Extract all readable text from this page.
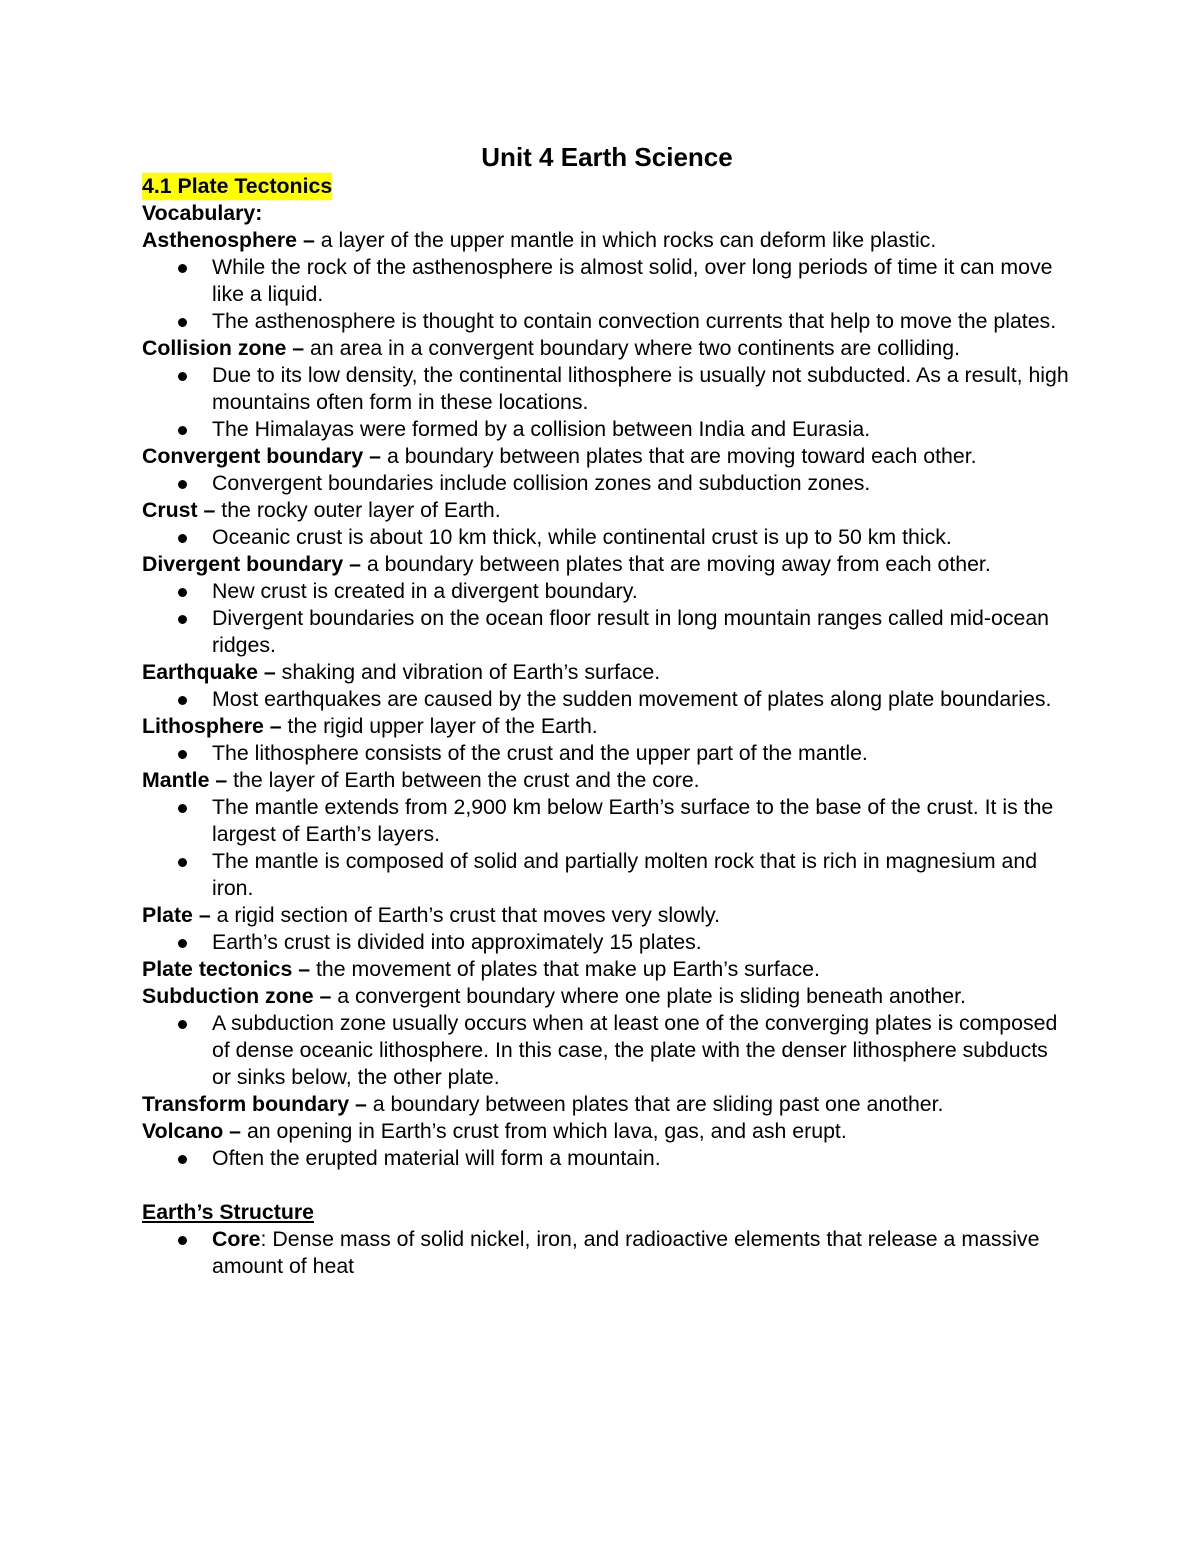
Unit 4 Earth Science
4.1 Plate Tectonics
Vocabulary:

Asthenosphere – a layer of the upper mantle in which rocks can deform like plastic.

While the rock of the asthenosphere is almost solid, over long periods of time it can move like a liquid.
The asthenosphere is thought to contain convection currents that help to move the plates.

Collision zone – an area in a convergent boundary where two continents are colliding.

Due to its low density, the continental lithosphere is usually not subducted. As a result, high mountains often form in these locations.
The Himalayas were formed by a collision between India and Eurasia.

Convergent boundary – a boundary between plates that are moving toward each other.

Convergent boundaries include collision zones and subduction zones.

Crust – the rocky outer layer of Earth.

Oceanic crust is about 10 km thick, while continental crust is up to 50 km thick.

Divergent boundary – a boundary between plates that are moving away from each other.

New crust is created in a divergent boundary.
Divergent boundaries on the ocean floor result in long mountain ranges called mid-ocean ridges.

Earthquake – shaking and vibration of Earth’s surface.

Most earthquakes are caused by the sudden movement of plates along plate boundaries.

Lithosphere – the rigid upper layer of the Earth.

The lithosphere consists of the crust and the upper part of the mantle.

Mantle – the layer of Earth between the crust and the core.

The mantle extends from 2,900 km below Earth’s surface to the base of the crust. It is the largest of Earth’s layers.
The mantle is composed of solid and partially molten rock that is rich in magnesium and iron.

Plate – a rigid section of Earth’s crust that moves very slowly.

Earth’s crust is divided into approximately 15 plates.

Plate tectonics – the movement of plates that make up Earth’s surface.

Subduction zone – a convergent boundary where one plate is sliding beneath another.

A subduction zone usually occurs when at least one of the converging plates is composed of dense oceanic lithosphere. In this case, the plate with the denser lithosphere subducts or sinks below, the other plate.

Transform boundary – a boundary between plates that are sliding past one another.

Volcano – an opening in Earth’s crust from which lava, gas, and ash erupt.

Often the erupted material will form a mountain.
Earth’s Structure
Core: Dense mass of solid nickel, iron, and radioactive elements that release a massive amount of heat
